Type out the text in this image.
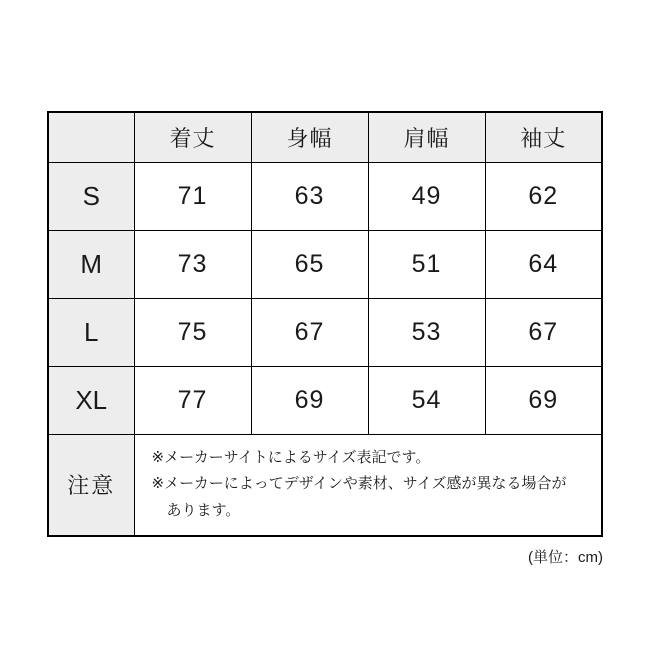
	着丈	身幅	肩幅	袖丈
S	71	63	49	62
M	73	65	51	64
L	75	67	53	67
XL	77	69	54	69
注意	※メーカーサイトによるサイズ表記です。
※メーカーによってデザインや素材、サイズ感が異なる場合が
あります。			
(単位：cm)
